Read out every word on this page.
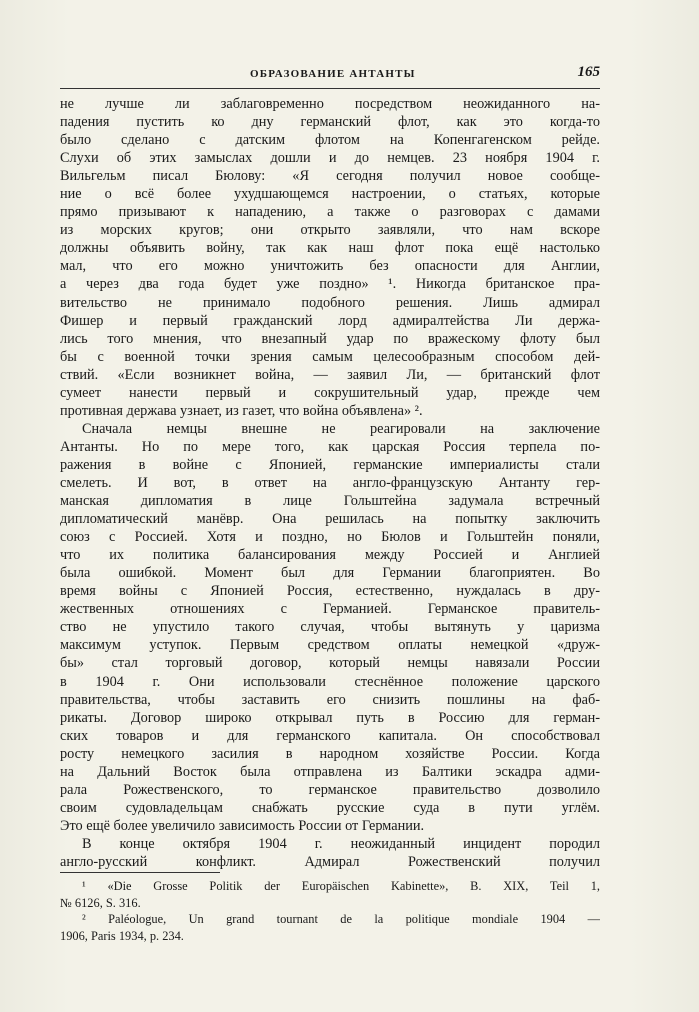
ОБРАЗОВАНИЕ АНТАНТЫ	165
не лучше ли заблаговременно посредством неожиданного на-
падения пустить ко дну германский флот, как это когда-то
было сделано с датским флотом на Копенгагенском рейде.
Слухи об этих замыслах дошли и до немцев. 23 ноября 1904 г.
Вильгельм писал Бюлову: «Я сегодня получил новое сообще-
ние о всё более ухудшающемся настроении, о статьях, которые
прямо призывают к нападению, а также о разговорах с дамами
из морских кругов; они открыто заявляли, что нам вскоре
должны объявить войну, так как наш флот пока ещё настолько
мал, что его можно уничтожить без опасности для Англии,
а через два года будет уже поздно» ¹. Никогда британское пра-
вительство не принимало подобного решения. Лишь адмирал
Фишер и первый гражданский лорд адмиралтейства Ли держа-
лись того мнения, что внезапный удар по вражескому флоту был
бы с военной точки зрения самым целесообразным способом дей-
ствий. «Если возникнет война, — заявил Ли, — британский флот
сумеет нанести первый и сокрушительный удар, прежде чем
противная держава узнает, из газет, что война объявлена» ².
Сначала немцы внешне не реагировали на заключение
Антанты. Но по мере того, как царская Россия терпела по-
ражения в войне с Японией, германские империалисты стали
смелеть. И вот, в ответ на англо-французскую Антанту гер-
манская дипломатия в лице Гольштейна задумала встречный
дипломатический манёвр. Она решилась на попытку заключить
союз с Россией. Хотя и поздно, но Бюлов и Гольштейн поняли,
что их политика балансирования между Россией и Англией
была ошибкой. Момент был для Германии благоприятен. Во
время войны с Японией Россия, естественно, нуждалась в дру-
жественных отношениях с Германией. Германское правитель-
ство не упустило такого случая, чтобы вытянуть у царизма
максимум уступок. Первым средством оплаты немецкой «друж-
бы» стал торговый договор, который немцы навязали России
в 1904 г. Они использовали стеснённое положение царского
правительства, чтобы заставить его снизить пошлины на фаб-
рикаты. Договор широко открывал путь в Россию для герман-
ских товаров и для германского капитала. Он способствовал
росту немецкого засилия в народном хозяйстве России. Когда
на Дальний Восток была отправлена из Балтики эскадра адми-
рала Рожественского, то германское правительство дозволило
своим судовладельцам снабжать русские суда в пути углём.
Это ещё более увеличило зависимость России от Германии.
В конце октября 1904 г. неожиданный инцидент породил
англо-русский конфликт. Адмирал Рожественский получил
¹ «Die Grosse Politik der Europäischen Kabinette», B. XIX, Teil 1,
№ 6126, S. 316.
² Paléologue, Un grand tournant de la politique mondiale 1904 —
1906, Paris 1934, p. 234.
